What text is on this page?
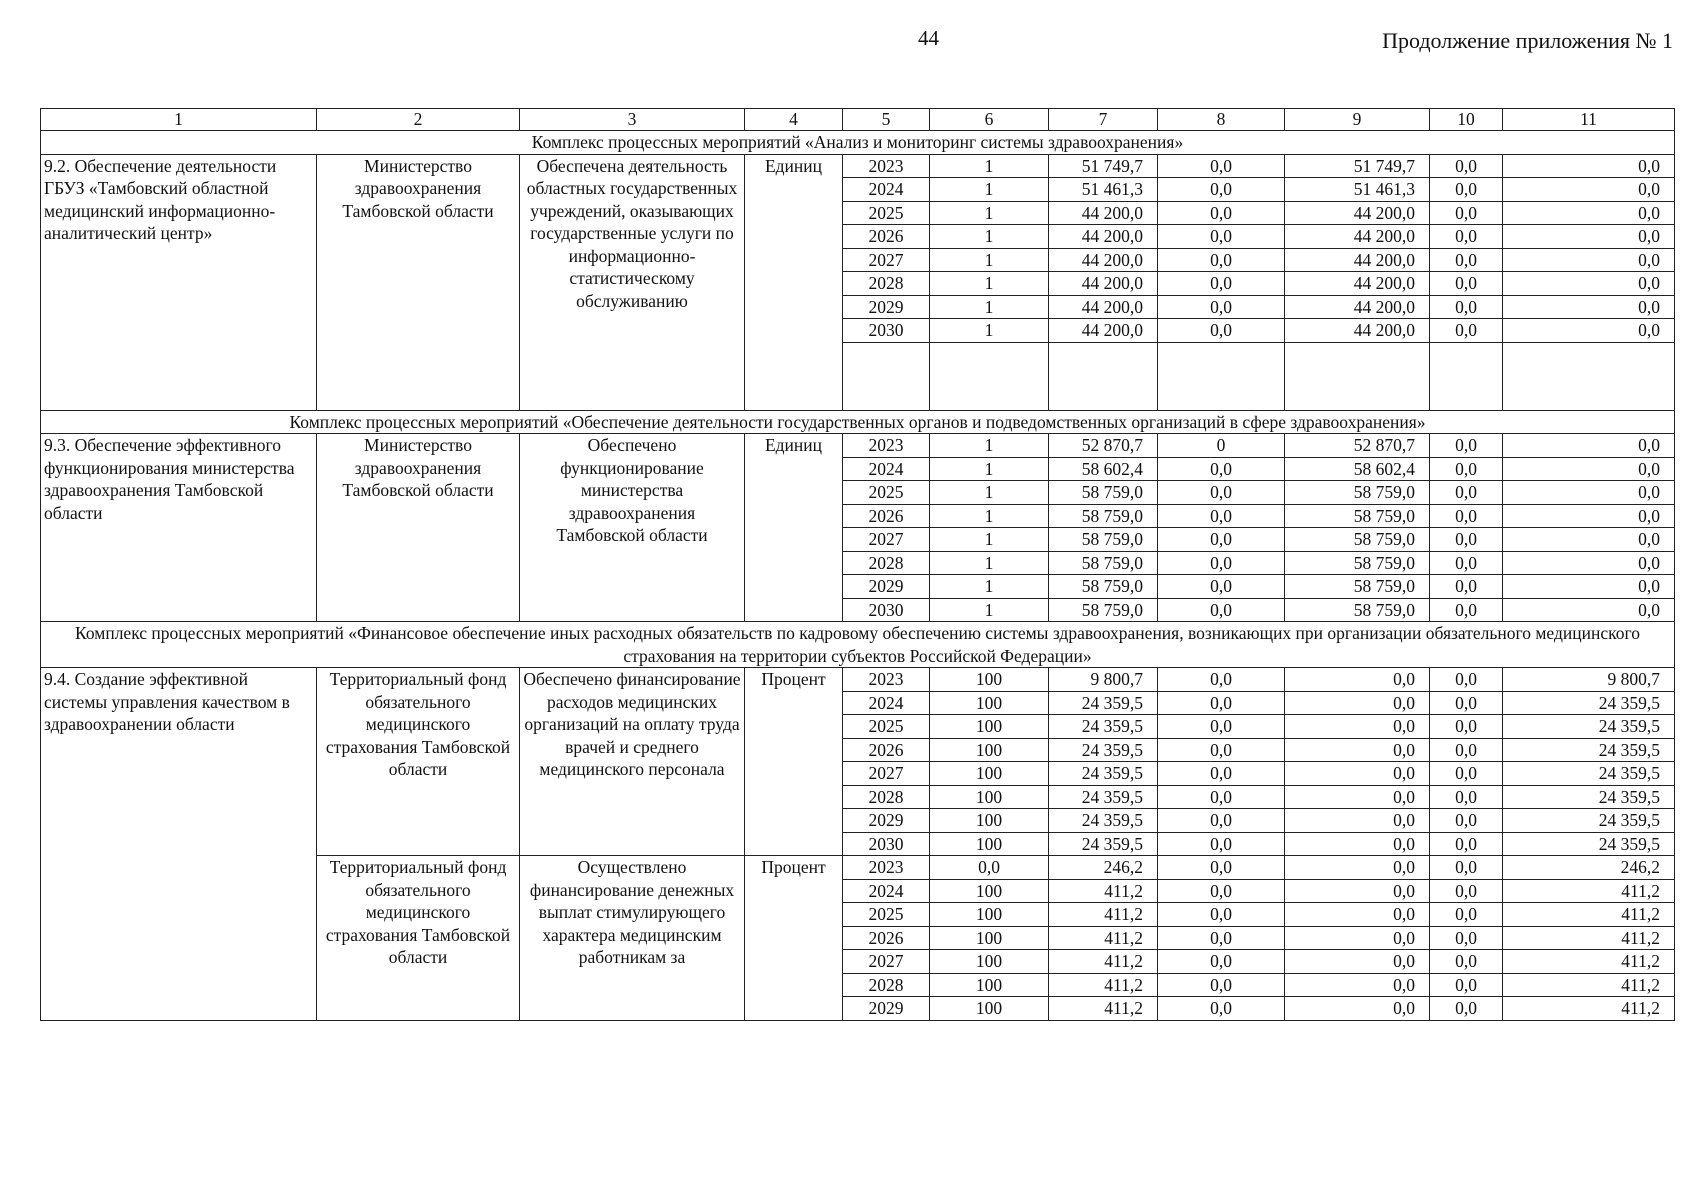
44	Продолжение приложения № 1
1	2	3	4	5	6	7	8	9	10	11
Комплекс процессных мероприятий «Анализ и мониторинг системы здравоохранения»										
9.2. Обеспечение деятельности ГБУЗ «Тамбовский областной медицинский информационно-аналитический центр»	Министерство здравоохранения Тамбовской области	Обеспечена деятельность областных государственных учреждений, оказывающих государственные услуги по информационно-статистическому обслуживанию	Единиц	2023	1	51 749,7	0,0	51 749,7	0,0	0,0
				2024	1	51 461,3	0,0	51 461,3	0,0	0,0
				2025	1	44 200,0	0,0	44 200,0	0,0	0,0
				2026	1	44 200,0	0,0	44 200,0	0,0	0,0
				2027	1	44 200,0	0,0	44 200,0	0,0	0,0
				2028	1	44 200,0	0,0	44 200,0	0,0	0,0
				2029	1	44 200,0	0,0	44 200,0	0,0	0,0
				2030	1	44 200,0	0,0	44 200,0	0,0	0,0

Комплекс процессных мероприятий «Обеспечение деятельности государственных органов и подведомственных организаций в сфере здравоохранения»										
9.3. Обеспечение эффективного функционирования министерства здравоохранения Тамбовской области	Министерство здравоохранения Тамбовской области	Обеспечено функционирование министерства здравоохранения Тамбовской области	Единиц	2023	1	52 870,7	0	52 870,7	0,0	0,0
				2024	1	58 602,4	0,0	58 602,4	0,0	0,0
				2025	1	58 759,0	0,0	58 759,0	0,0	0,0
				2026	1	58 759,0	0,0	58 759,0	0,0	0,0
				2027	1	58 759,0	0,0	58 759,0	0,0	0,0
				2028	1	58 759,0	0,0	58 759,0	0,0	0,0
				2029	1	58 759,0	0,0	58 759,0	0,0	0,0
				2030	1	58 759,0	0,0	58 759,0	0,0	0,0
Комплекс процессных мероприятий «Финансовое обеспечение иных расходных обязательств по кадровому обеспечению системы здравоохранения, возникающих при организации обязательного медицинского страхования на территории субъектов Российской Федерации»										
9.4. Создание эффективной системы управления качеством в здравоохранении области	Территориальный фонд обязательного медицинского страхования Тамбовской области	Обеспечено финансирование расходов медицинских организаций на оплату труда врачей и среднего медицинского персонала	Процент	2023	100	9 800,7	0,0	0,0	0,0	9 800,7
				2024	100	24 359,5	0,0	0,0	0,0	24 359,5
				2025	100	24 359,5	0,0	0,0	0,0	24 359,5
				2026	100	24 359,5	0,0	0,0	0,0	24 359,5
				2027	100	24 359,5	0,0	0,0	0,0	24 359,5
				2028	100	24 359,5	0,0	0,0	0,0	24 359,5
				2029	100	24 359,5	0,0	0,0	0,0	24 359,5
				2030	100	24 359,5	0,0	0,0	0,0	24 359,5
	Территориальный фонд обязательного медицинского страхования Тамбовской области	Осуществлено финансирование денежных выплат стимулирующего характера медицинским работникам за	Процент	2023	0,0	246,2	0,0	0,0	0,0	246,2
				2024	100	411,2	0,0	0,0	0,0	411,2
				2025	100	411,2	0,0	0,0	0,0	411,2
				2026	100	411,2	0,0	0,0	0,0	411,2
				2027	100	411,2	0,0	0,0	0,0	411,2
				2028	100	411,2	0,0	0,0	0,0	411,2
				2029	100	411,2	0,0	0,0	0,0	411,2
